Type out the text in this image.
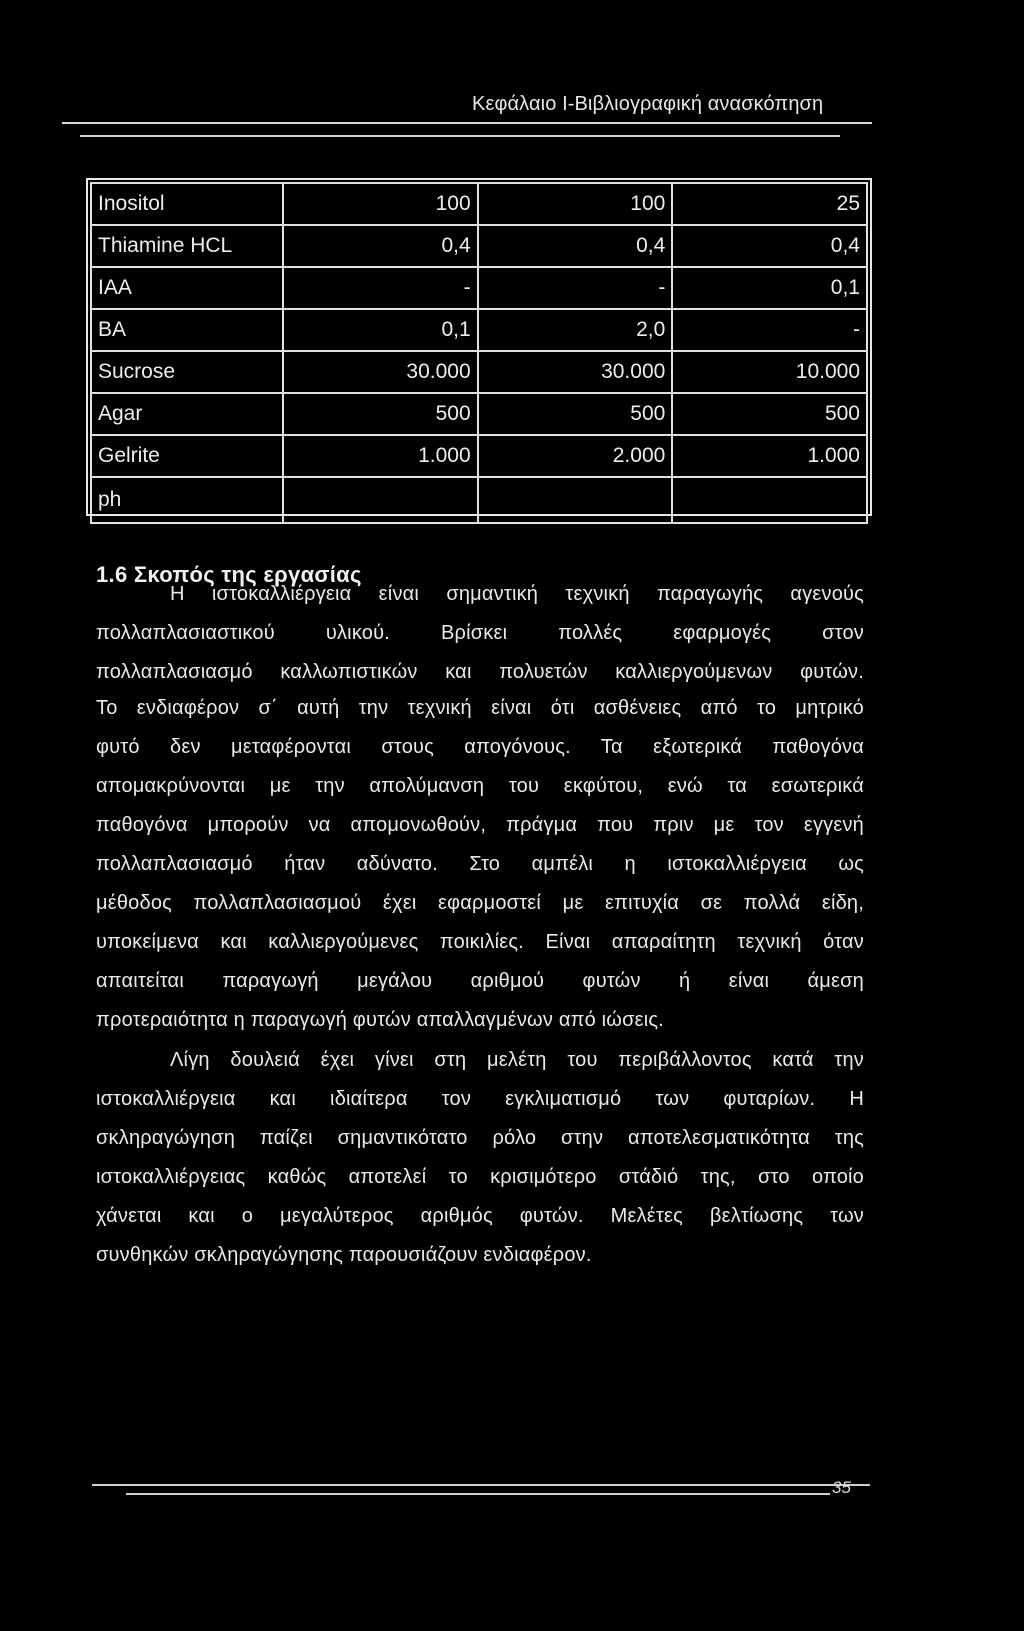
Κεφάλαιο Ι-Βιβλιογραφική ανασκόπηση
Inositol	100	100	25
Thiamine HCL	0,4	0,4	0,4
IAA	-	-	0,1
BA	0,1	2,0	-
Sucrose	30.000	30.000	10.000
Agar	500	500	500
Gelrite	1.000	2.000	1.000
ph			
1.6 Σκοπός της εργασίας
Η ιστοκαλλιέργεια είναι σημαντική τεχνική παραγωγής αγενούς
πολλαπλασιαστικού υλικού. Βρίσκει πολλές εφαρμογές στον
πολλαπλασιασμό καλλωπιστικών και πολυετών καλλιεργούμενων φυτών.
Το ενδιαφέρον σ΄ αυτή την τεχνική είναι ότι ασθένειες από το μητρικό
φυτό δεν μεταφέρονται στους απογόνους. Τα εξωτερικά παθογόνα
απομακρύνονται με την απολύμανση του εκφύτου, ενώ τα εσωτερικά
παθογόνα μπορούν να απομονωθούν, πράγμα που πριν με τον εγγενή
πολλαπλασιασμό ήταν αδύνατο. Στο αμπέλι η ιστοκαλλιέργεια ως
μέθοδος πολλαπλασιασμού έχει εφαρμοστεί με επιτυχία σε πολλά είδη,
υποκείμενα και καλλιεργούμενες ποικιλίες. Είναι απαραίτητη τεχνική όταν
απαιτείται παραγωγή μεγάλου αριθμού φυτών ή είναι άμεση
προτεραιότητα η παραγωγή φυτών απαλλαγμένων από ιώσεις.
Λίγη δουλειά έχει γίνει στη μελέτη του περιβάλλοντος κατά την
ιστοκαλλιέργεια και ιδιαίτερα τον εγκλιματισμό των φυταρίων. Η
σκληραγώγηση παίζει σημαντικότατο ρόλο στην αποτελεσματικότητα της
ιστοκαλλιέργειας καθώς αποτελεί το κρισιμότερο στάδιό της, στο οποίο
χάνεται και ο μεγαλύτερος αριθμός φυτών. Μελέτες βελτίωσης των
συνθηκών σκληραγώγησης παρουσιάζουν ενδιαφέρον.
35
